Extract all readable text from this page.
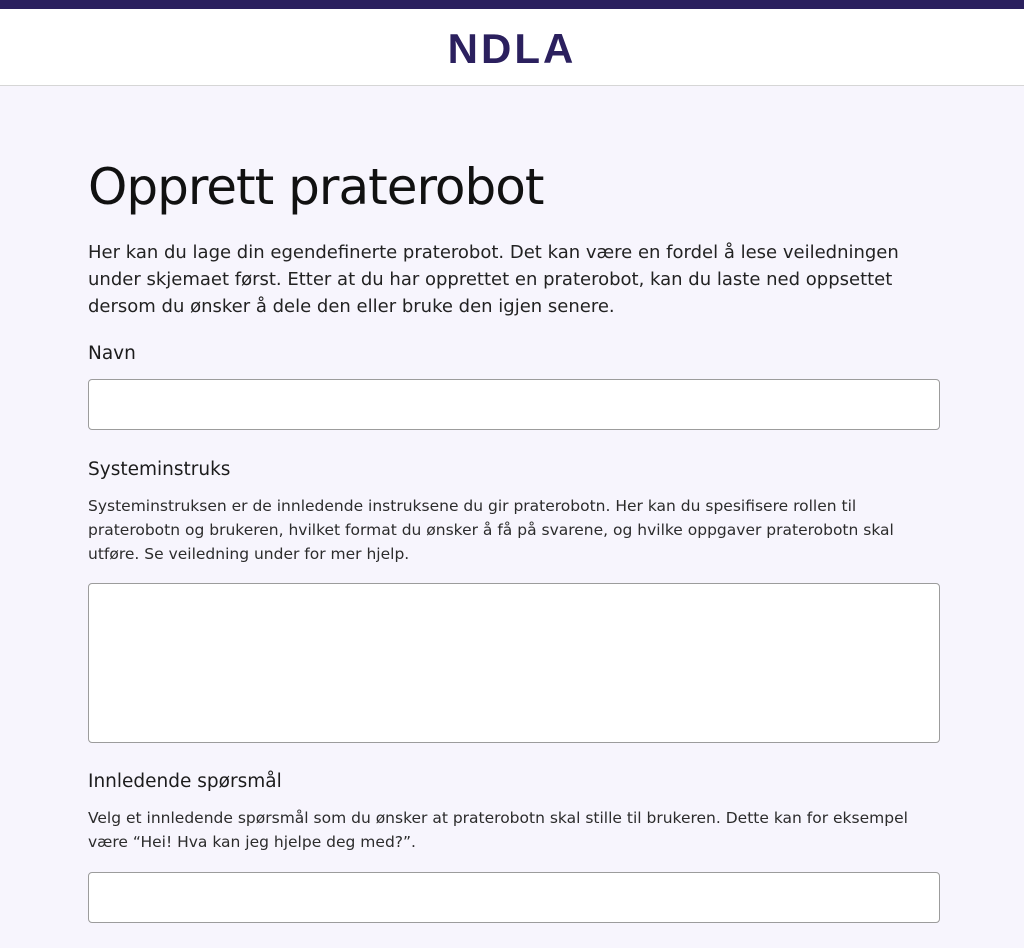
NDLA
Opprett praterobot

Her kan du lage din egendefinerte praterobot. Det kan være en fordel å lese veiledningen under skjemaet først. Etter at du har opprettet en praterobot, kan du laste ned oppsettet dersom du ønsker å dele den eller bruke den igjen senere.

Navn
Systeminstruks

Systeminstruksen er de innledende instruksene du gir praterobotn. Her kan du spesifisere rollen til praterobotn og brukeren, hvilket format du ønsker å få på svarene, og hvilke oppgaver praterobotn skal utføre. Se veiledning under for mer hjelp.

Innledende spørsmål

Velg et innledende spørsmål som du ønsker at praterobotn skal stille til brukeren. Dette kan for eksempel være “Hei! Hva kan jeg hjelpe deg med?”.
